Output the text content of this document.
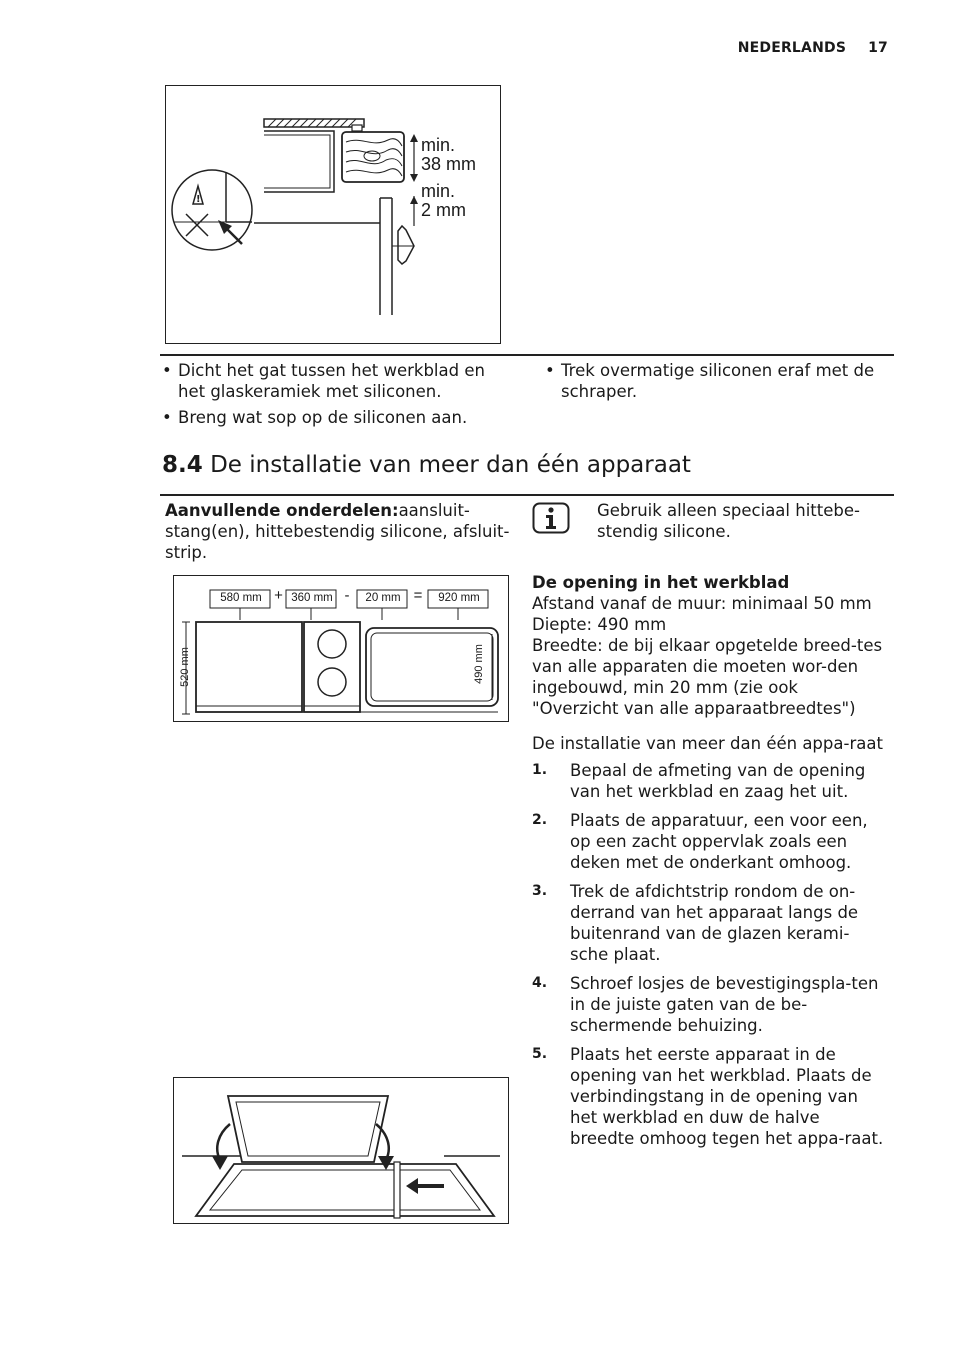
NEDERLANDS 17
!
min.
38 mm
min.
2 mm
• Dicht het gat tussen het werkblad en het glaskeramiek met siliconen.
• Breng wat sop op de siliconen aan.
• Trek overmatige siliconen eraf met de schraper.
8.4 De installatie van meer dan één apparaat
Aanvullende onderdelen:aansluit-stang(en), hittebestendig silicone, afsluit-strip.
Gebruik alleen speciaal hittebe-stendig silicone.
580 mm + 360 mm -	20 mm =	920 mm
520 mm	490 mm
De opening in het werkblad
Afstand vanaf de muur: minimaal 50 mm
Diepte: 490 mm
Breedte: de bij elkaar opgetelde breed-tes van alle apparaten die moeten wor-den ingebouwd, min 20 mm (zie ook "Overzicht van alle apparaatbreedtes")
De installatie van meer dan één appa-raat
1. Bepaal de afmeting van de opening van het werkblad en zaag het uit.
2. Plaats de apparatuur, een voor een, op een zacht oppervlak zoals een deken met de onderkant omhoog.
3. Trek de afdichtstrip rondom de on-derrand van het apparaat langs de buitenrand van de glazen kerami-sche plaat.
4. Schroef losjes de bevestigingspla-ten in de juiste gaten van de be-schermende behuizing.
5. Plaats het eerste apparaat in de opening van het werkblad. Plaats de verbindingstang in de opening van het werkblad en duw de halve breedte omhoog tegen het appa-raat.
